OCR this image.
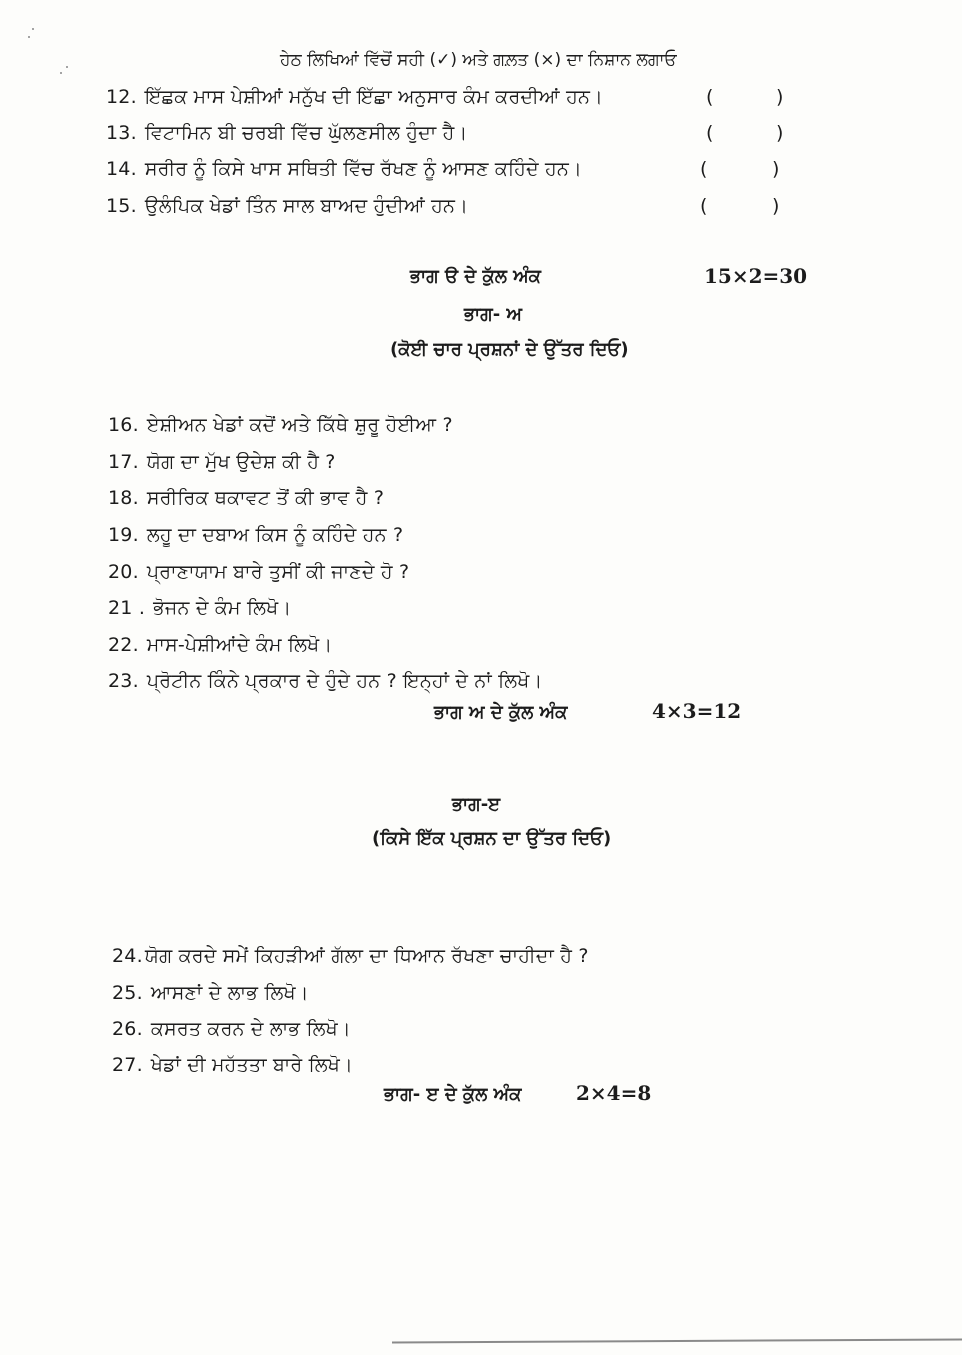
ਹੇਠ ਲਿਖਿਆਂ ਵਿੱਚੋਂ ਸਹੀ (✓) ਅਤੇ ਗਲ਼ਤ (×) ਦਾ ਨਿਸ਼ਾਨ ਲਗਾਓ
12. ਇੱਛਕ ਮਾਸ ਪੇਸ਼ੀਆਂ ਮਨੁੱਖ ਦੀ ਇੱਛਾ ਅਨੁਸਾਰ ਕੰਮ ਕਰਦੀਆਂ ਹਨ।	(	)
13. ਵਿਟਾਮਿਨ ਬੀ ਚਰਬੀ ਵਿੱਚ ਘੁੱਲਣਸੀਲ ਹੁੰਦਾ ਹੈ।	(	)
14. ਸਰੀਰ ਨੂੰ ਕਿਸੇ ਖਾਸ ਸਥਿਤੀ ਵਿੱਚ ਰੱਖਣ ਨੂੰ ਆਸਣ ਕਹਿੰਦੇ ਹਨ।	(	)
15. ਉਲੰਪਿਕ ਖੇਡਾਂ ਤਿੰਨ ਸਾਲ ਬਾਅਦ ਹੁੰਦੀਆਂ ਹਨ।	(	)
ਭਾਗ ੳ ਦੇ ਕੁੱਲ ਅੰਕ	15×2=30
ਭਾਗ- ਅ
(ਕੋਈ ਚਾਰ ਪ੍ਰਸ਼ਨਾਂ ਦੇ ਉੱਤਰ ਦਿਓ)
16. ਏਸ਼ੀਅਨ ਖੇਡਾਂ ਕਦੋਂ ਅਤੇ ਕਿੱਥੇ ਸ਼ੁਰੂ ਹੋਈਆ ?
17. ਯੋਗ ਦਾ ਮੁੱਖ ਉਦੇਸ਼ ਕੀ ਹੈ ?
18. ਸਰੀਰਿਕ ਥਕਾਵਟ ਤੋਂ ਕੀ ਭਾਵ ਹੈ ?
19. ਲਹੂ ਦਾ ਦਬਾਅ ਕਿਸ ਨੂੰ ਕਹਿੰਦੇ ਹਨ ?
20. ਪ੍ਰਾਣਾਯਾਮ ਬਾਰੇ ਤੁਸੀਂ ਕੀ ਜਾਣਦੇ ਹੋ ?
21 . ਭੋਜਨ ਦੇ ਕੰਮ ਲਿਖੋ।
22. ਮਾਸ-ਪੇਸ਼ੀਆਂਦੇ ਕੰਮ ਲਿਖੋ।
23. ਪ੍ਰੋਟੀਨ ਕਿੰਨੇ ਪ੍ਰਕਾਰ ਦੇ ਹੁੰਦੇ ਹਨ ? ਇਨ੍ਹਾਂ ਦੇ ਨਾਂ ਲਿਖੋ।
ਭਾਗ ਅ ਦੇ ਕੁੱਲ ਅੰਕ	4×3=12
ਭਾਗ-ੲ
(ਕਿਸੇ ਇੱਕ ਪ੍ਰਸ਼ਨ ਦਾ ਉੱਤਰ ਦਿਓ)
24. ਯੋਗ ਕਰਦੇ ਸਮੇਂ ਕਿਹੜੀਆਂ ਗੱਲਾ ਦਾ ਧਿਆਨ ਰੱਖਣਾ ਚਾਹੀਦਾ ਹੈ ?
25. ਆਸਣਾਂ ਦੇ ਲਾਭ ਲਿਖੋ।
26. ਕਸਰਤ ਕਰਨ ਦੇ ਲਾਭ ਲਿਖੋ।
27. ਖੇਡਾਂ ਦੀ ਮਹੱਤਤਾ ਬਾਰੇ ਲਿਖੋ।
ਭਾਗ- ੲ ਦੇ ਕੁੱਲ ਅੰਕ	2×4=8
